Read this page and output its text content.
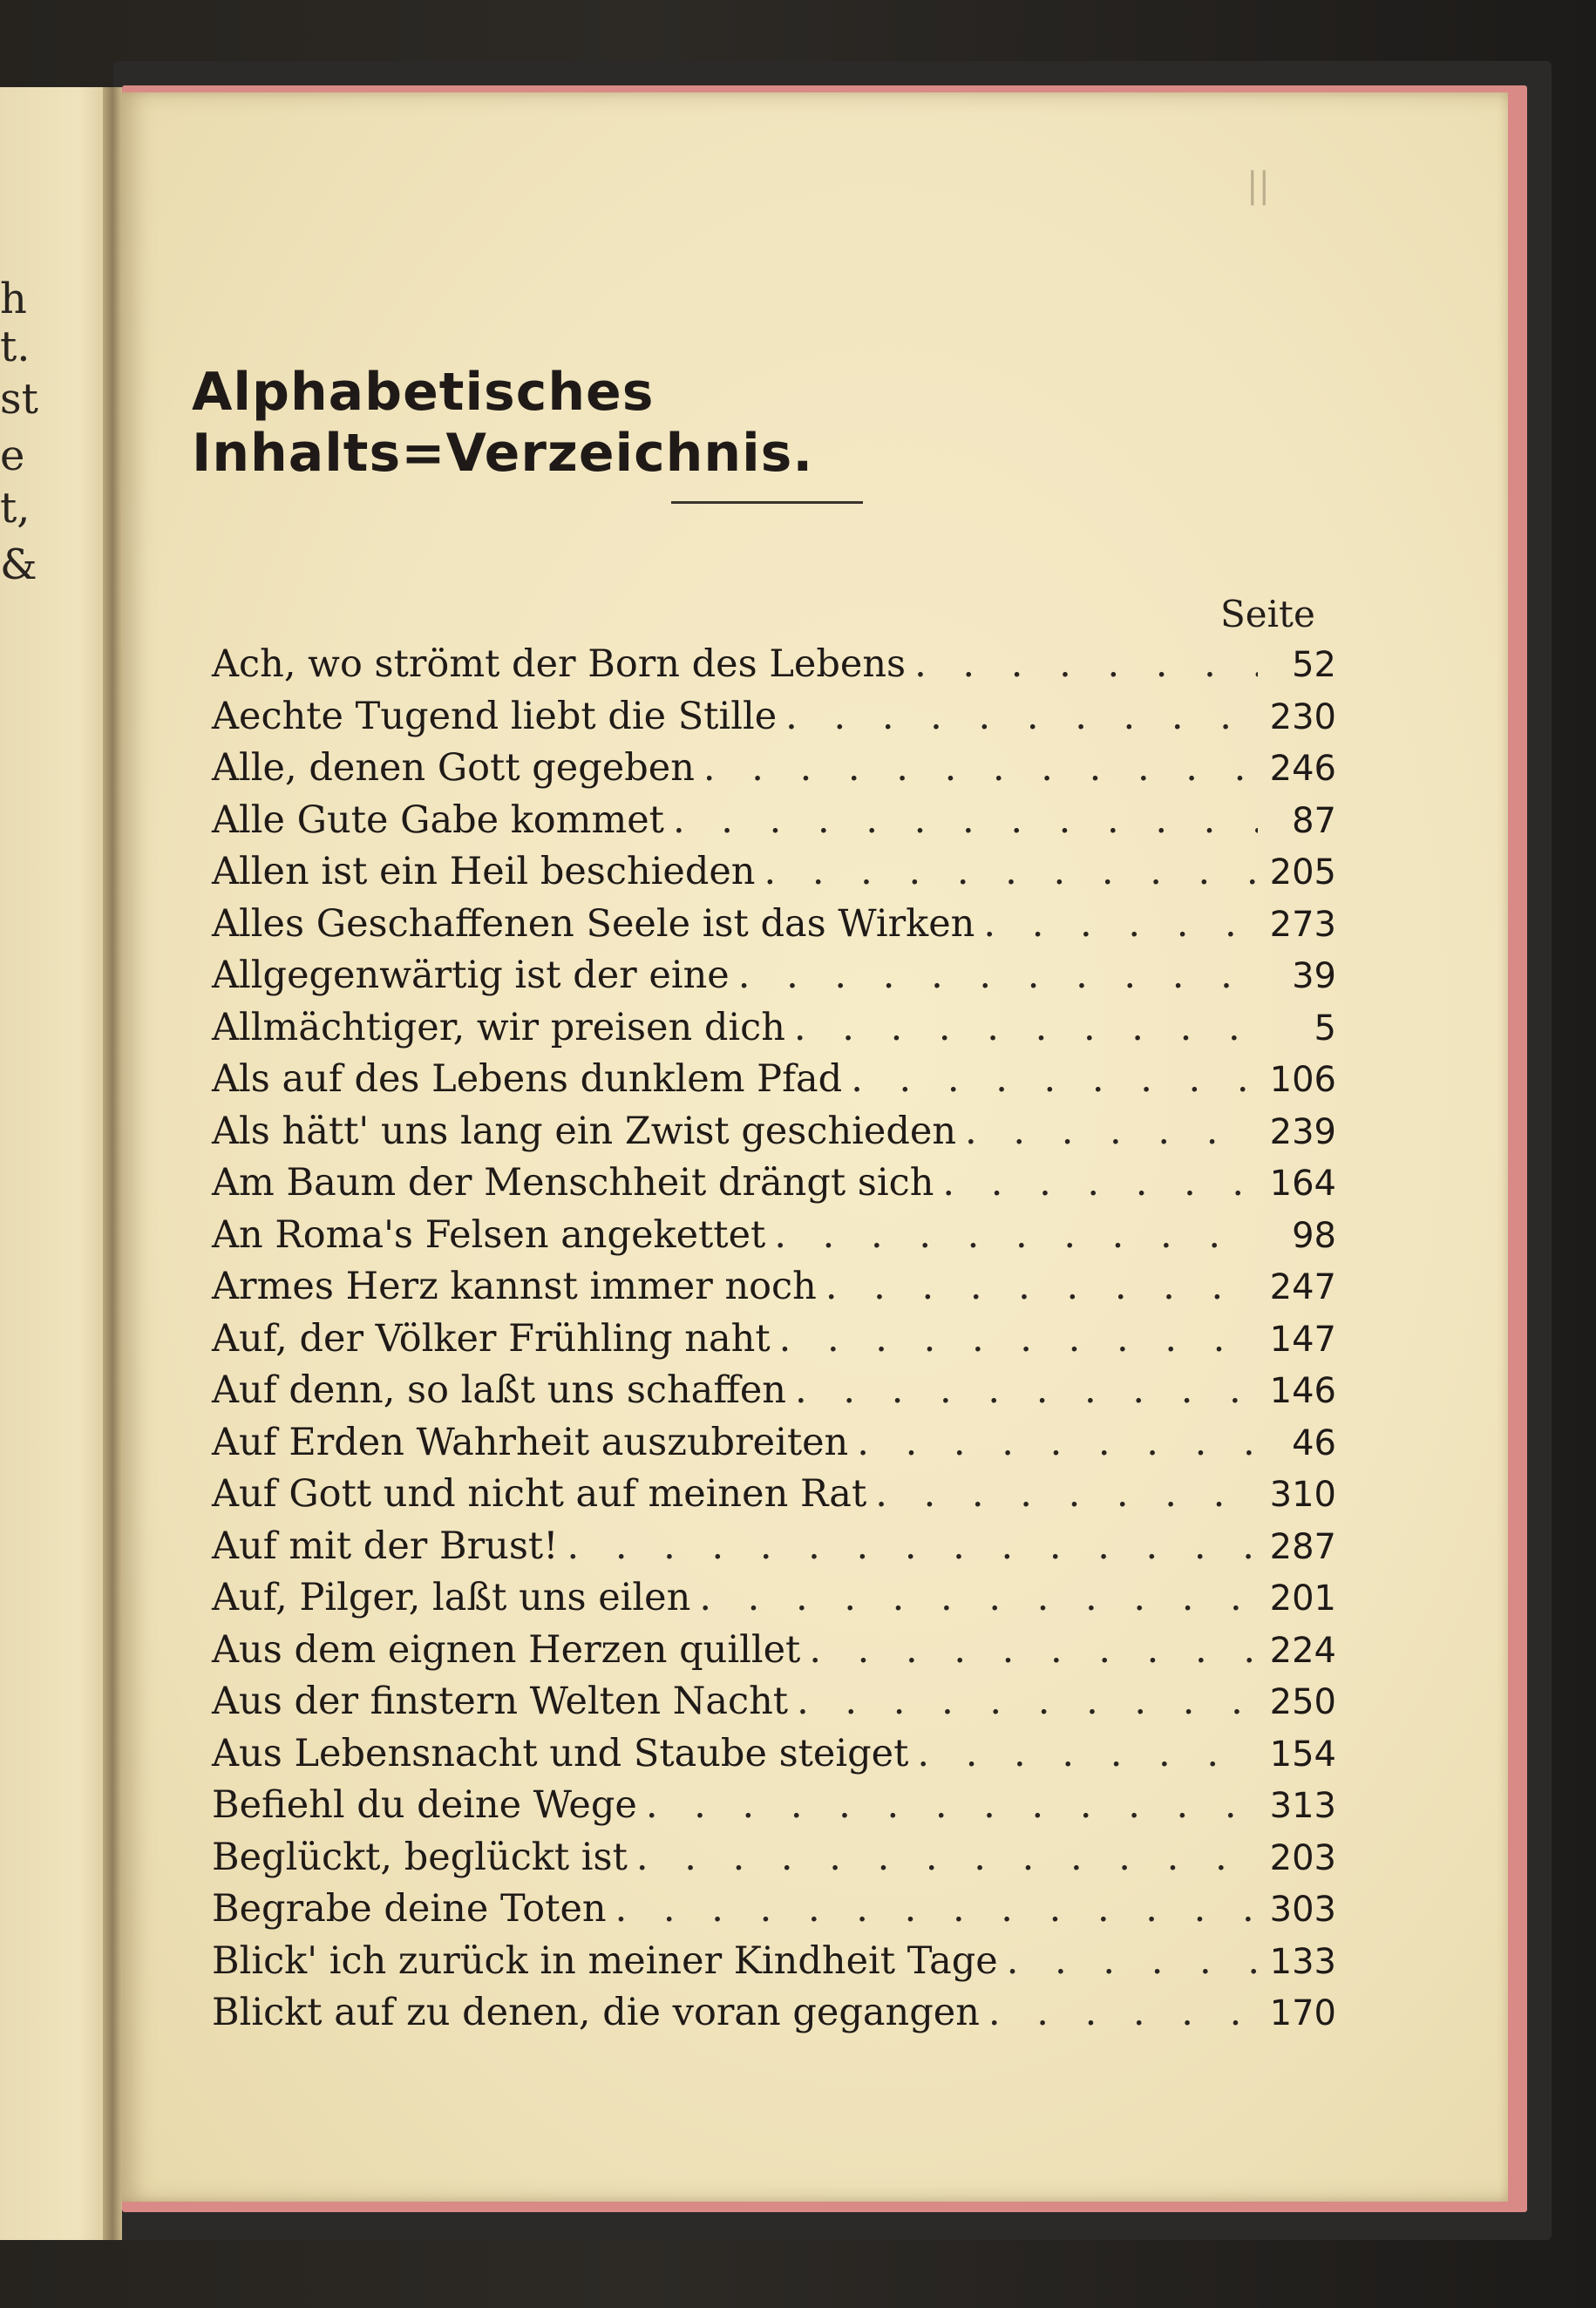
h
t.
st
e
t,
&
||
Alphabetisches Inhalts=Verzeichnis.
Seite
Ach, wo strömt der Born des Lebens . . .	52
Aechte Tugend liebt die Stille . . .	230
Alle, denen Gott gegeben . . .	246
Alle Gute Gabe kommet . . .	87
Allen ist ein Heil beschieden . . .	205
Alles Geschaffenen Seele ist das Wirken . . .	273
Allgegenwärtig ist der eine . . .	39
Allmächtiger, wir preisen dich . . .	5
Als auf des Lebens dunklem Pfad . . .	106
Als hätt' uns lang ein Zwist geschieden . . .	239
Am Baum der Menschheit drängt sich . . .	164
An Roma's Felsen angekettet . . .	98
Armes Herz kannst immer noch . . .	247
Auf, der Völker Frühling naht . . .	147
Auf denn, so laßt uns schaffen . . .	146
Auf Erden Wahrheit auszubreiten . . .	46
Auf Gott und nicht auf meinen Rat . . .	310
Auf mit der Brust! . . .	287
Auf, Pilger, laßt uns eilen . . .	201
Aus dem eignen Herzen quillet . . .	224
Aus der finstern Welten Nacht . . .	250
Aus Lebensnacht und Staube steiget . . .	154
Befiehl du deine Wege . . .	313
Beglückt, beglückt ist . . .	203
Begrabe deine Toten . . .	303
Blick' ich zurück in meiner Kindheit Tage . . .	133
Blickt auf zu denen, die voran gegangen . . .	170
